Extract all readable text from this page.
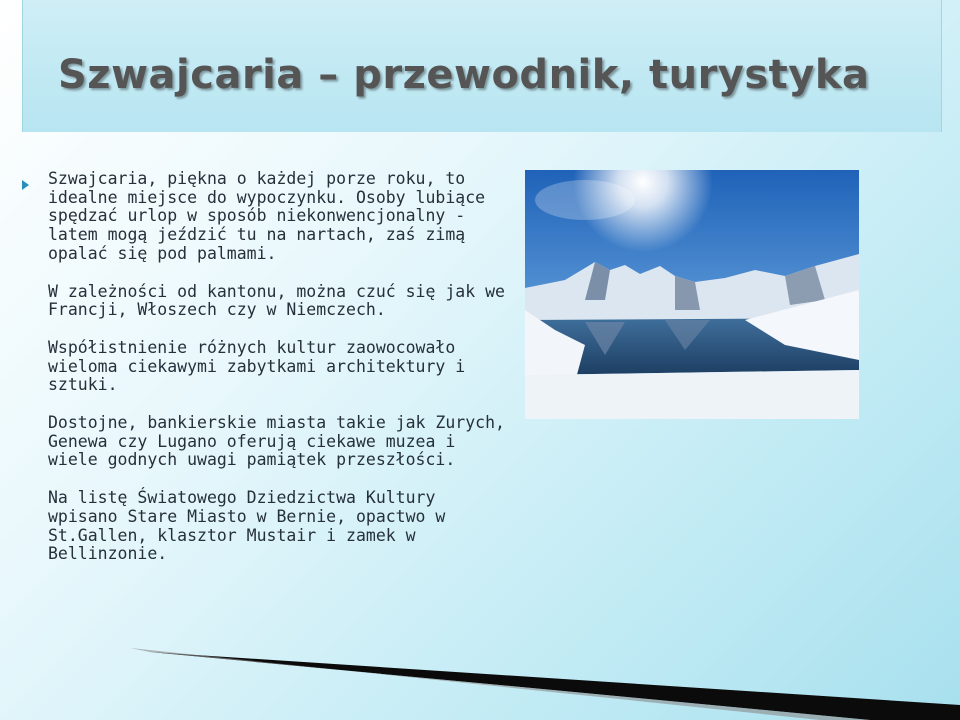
Szwajcaria – przewodnik, turystyka

Szwajcaria, piękna o każdej porze roku, to idealne miejsce do wypoczynku. Osoby lubiące spędzać urlop w sposób niekonwencjonalny - latem mogą jeździć tu na nartach, zaś zimą opalać się pod palmami.

W zależności od kantonu, można czuć się jak we Francji, Włoszech czy w Niemczech.

Współistnienie różnych kultur zaowocowało wieloma ciekawymi zabytkami architektury i sztuki.

Dostojne, bankierskie miasta takie jak Zurych, Genewa czy Lugano oferują ciekawe muzea i wiele godnych uwagi pamiątek przeszłości.

Na listę Światowego Dziedzictwa Kultury wpisano Stare Miasto w Bernie, opactwo w St.Gallen, klasztor Mustair i zamek w Bellinzonie.
